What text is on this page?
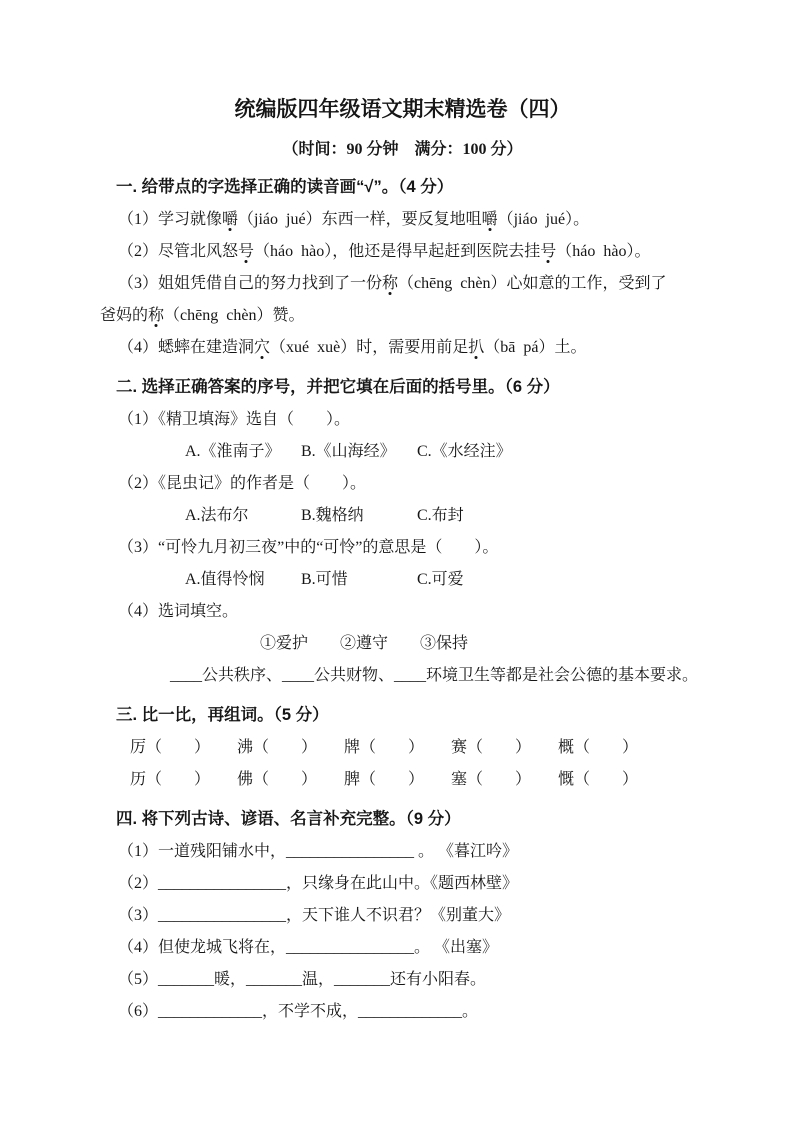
统编版四年级语文期末精选卷（四）
（时间：90 分钟　满分：100 分）
一. 给带点的字选择正确的读音画“√”。（4 分）
（1）学习就像嚼（jiáo  jué）东西一样，要反复地咀嚼（jiáo  jué）。
（2）尽管北风怒号（háo  hào），他还是得早起赶到医院去挂号（háo  hào）。
（3）姐姐凭借自己的努力找到了一份称（chēng  chèn）心如意的工作，受到了
爸妈的称（chēng  chèn）赞。
（4）蟋蟀在建造洞穴（xué  xuè）时，需要用前足扒（bā  pá）土。
二. 选择正确答案的序号，并把它填在后面的括号里。（6 分）
（1）《精卫填海》选自（　　）。
A.《淮南子》	B.《山海经》	C.《水经注》
（2）《昆虫记》的作者是（　　）。
A.法布尔	B.魏格纳	C.布封
（3）“可怜九月初三夜”中的“可怜”的意思是（　　）。
A.值得怜悯	B.可惜	C.可爱
（4）选词填空。
①爱护　　②遵守　　③保持
____公共秩序、____公共财物、____环境卫生等都是社会公德的基本要求。
三. 比一比，再组词。（5 分）
厉（　　）	沸（　　）	牌（　　）	赛（　　）	概（　　）
历（　　）	佛（　　）	脾（　　）	塞（　　）	慨（　　）
四. 将下列古诗、谚语、名言补充完整。（9 分）
（1）一道残阳铺水中，________________ 。 《暮江吟》
（2）________________，只缘身在此山中。《题西林壁》
（3）________________，天下谁人不识君？《别董大》
（4）但使龙城飞将在，________________。 《出塞》
（5）_______暖，_______温，_______还有小阳春。
（6）_____________，不学不成，_____________。
